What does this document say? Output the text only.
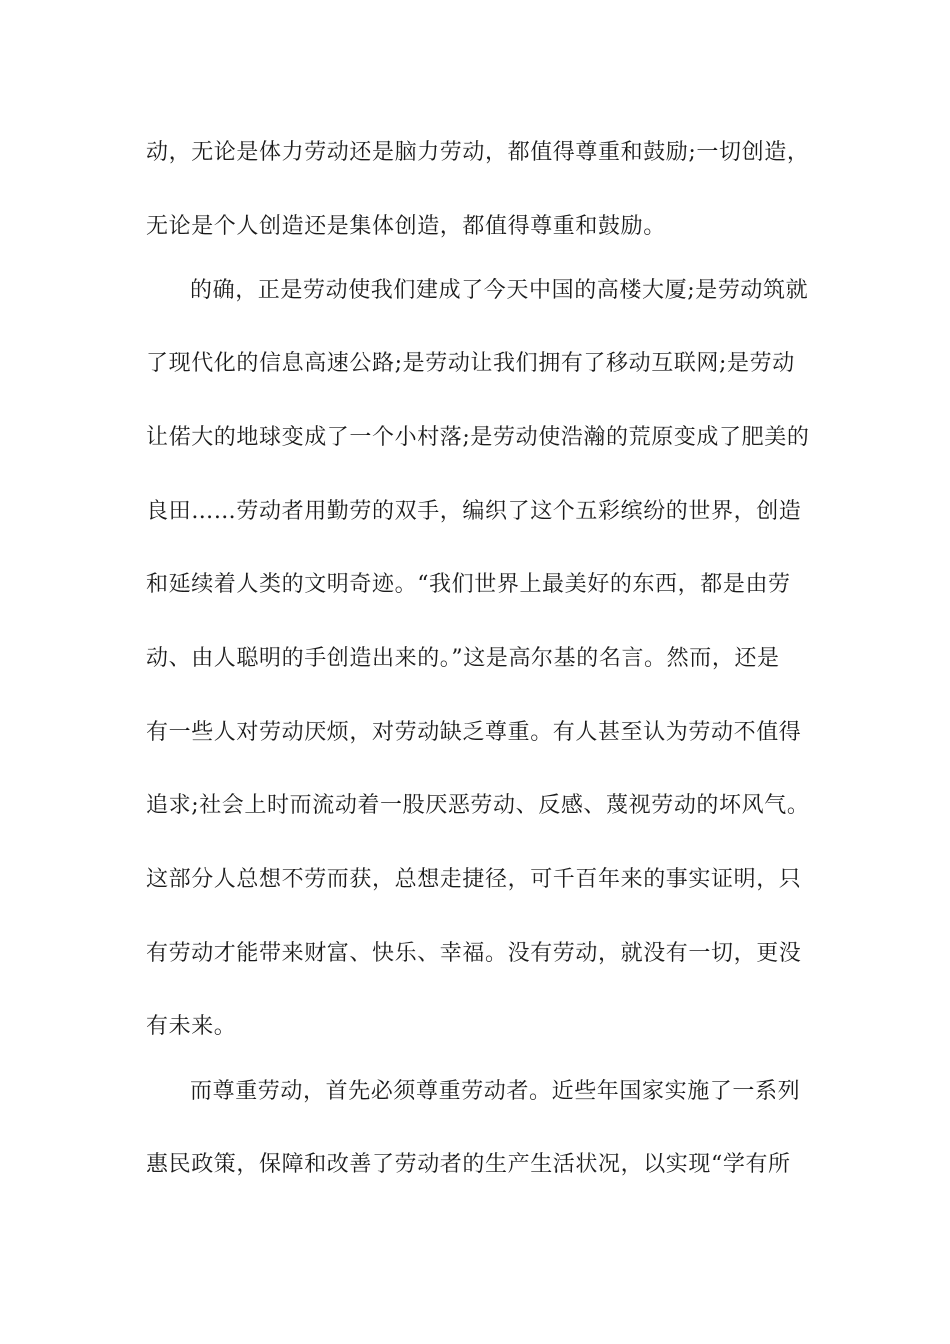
动，无论是体力劳动还是脑力劳动，都值得尊重和鼓励;一切创造，
无论是个人创造还是集体创造，都值得尊重和鼓励。
的确，正是劳动使我们建成了今天中国的高楼大厦;是劳动筑就
了现代化的信息高速公路;是劳动让我们拥有了移动互联网;是劳动
让偌大的地球变成了一个小村落;是劳动使浩瀚的荒原变成了肥美的
良田……劳动者用勤劳的双手，编织了这个五彩缤纷的世界，创造
和延续着人类的文明奇迹。“我们世界上最美好的东西，都是由劳
动、由人聪明的手创造出来的。”这是高尔基的名言。然而，还是
有一些人对劳动厌烦，对劳动缺乏尊重。有人甚至认为劳动不值得
追求;社会上时而流动着一股厌恶劳动、反感、蔑视劳动的坏风气。
这部分人总想不劳而获，总想走捷径，可千百年来的事实证明，只
有劳动才能带来财富、快乐、幸福。没有劳动，就没有一切，更没
有未来。
而尊重劳动，首先必须尊重劳动者。近些年国家实施了一系列
惠民政策，保障和改善了劳动者的生产生活状况，以实现“学有所
